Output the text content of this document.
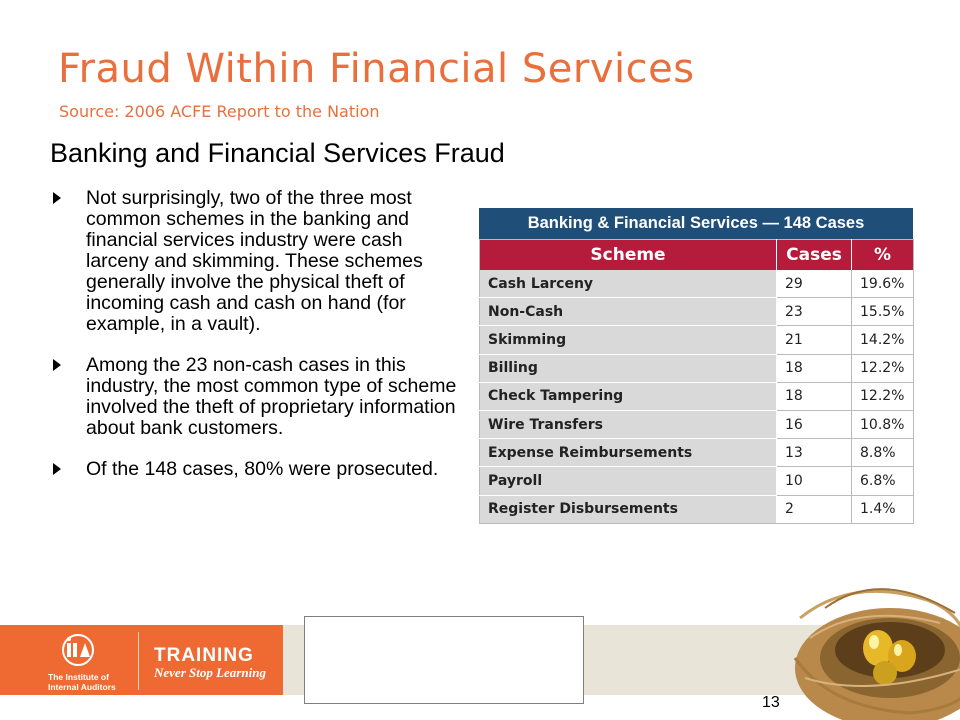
Fraud Within Financial Services
Source: 2006 ACFE Report to the Nation
Banking and Financial Services Fraud
Not surprisingly, two of the three most common schemes in the banking and financial services industry were cash larceny and skimming. These schemes generally involve the physical theft of incoming cash and cash on hand (for example, in a vault).
Among the 23 non-cash cases in this industry, the most common type of scheme involved the theft of proprietary information about bank customers.
Of the 148 cases, 80% were prosecuted.
Banking & Financial Services — 148 Cases
Scheme	Cases	%
Cash Larceny	29	19.6%
Non-Cash	23	15.5%
Skimming	21	14.2%
Billing	18	12.2%
Check Tampering	18	12.2%
Wire Transfers	16	10.8%
Expense Reimbursements	13	8.8%
Payroll	10	6.8%
Register Disbursements	2	1.4%
The Institute of Internal Auditors
TRAINING
Never Stop Learning
13
